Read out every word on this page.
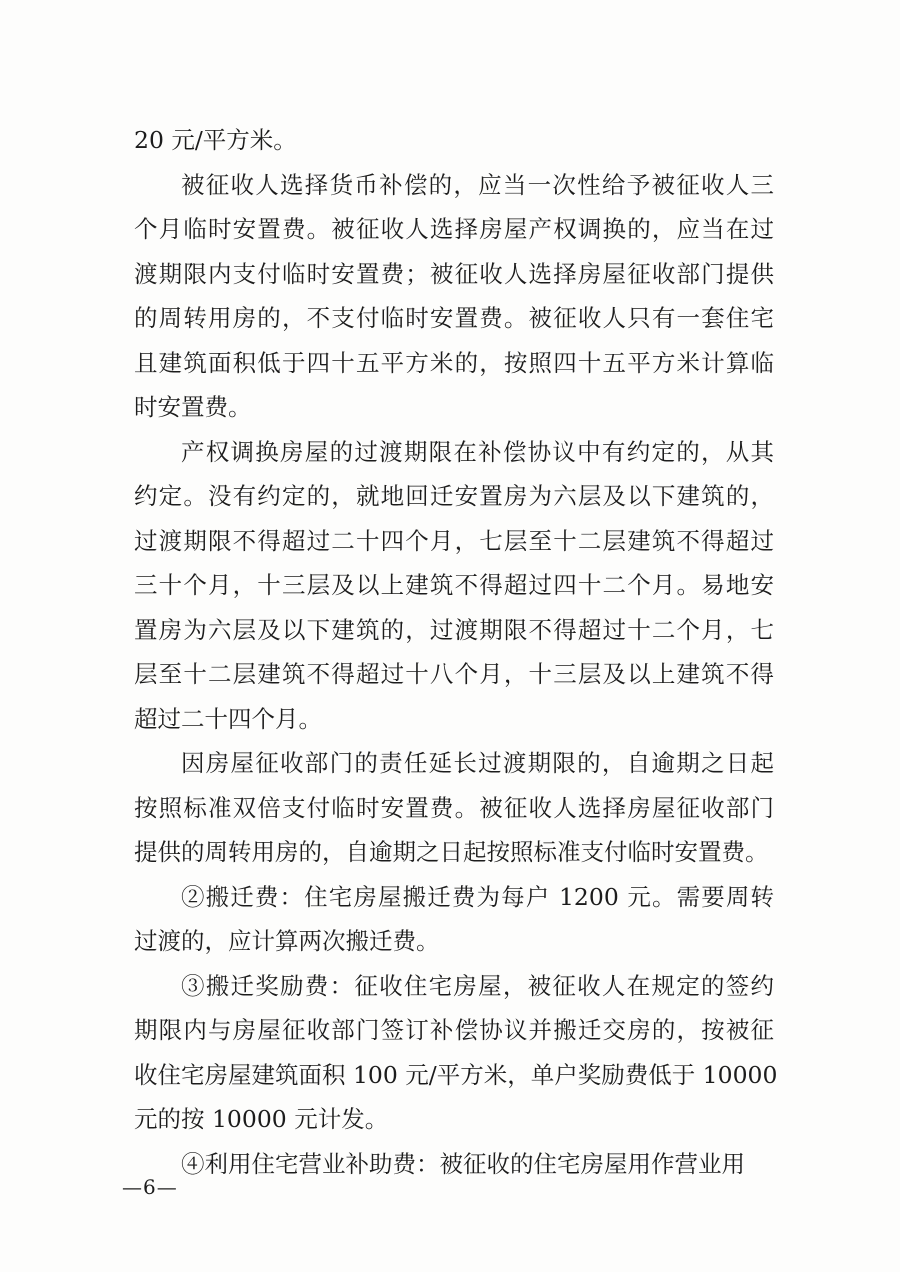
20 元/平方米。
被征收人选择货币补偿的，应当一次性给予被征收人三
个月临时安置费。被征收人选择房屋产权调换的，应当在过
渡期限内支付临时安置费；被征收人选择房屋征收部门提供
的周转用房的，不支付临时安置费。被征收人只有一套住宅
且建筑面积低于四十五平方米的，按照四十五平方米计算临
时安置费。
产权调换房屋的过渡期限在补偿协议中有约定的，从其
约定。没有约定的，就地回迁安置房为六层及以下建筑的，
过渡期限不得超过二十四个月，七层至十二层建筑不得超过
三十个月，十三层及以上建筑不得超过四十二个月。易地安
置房为六层及以下建筑的，过渡期限不得超过十二个月，七
层至十二层建筑不得超过十八个月，十三层及以上建筑不得
超过二十四个月。
因房屋征收部门的责任延长过渡期限的，自逾期之日起
按照标准双倍支付临时安置费。被征收人选择房屋征收部门
提供的周转用房的，自逾期之日起按照标准支付临时安置费。
②搬迁费：住宅房屋搬迁费为每户 1200 元。需要周转
过渡的，应计算两次搬迁费。
③搬迁奖励费：征收住宅房屋，被征收人在规定的签约
期限内与房屋征收部门签订补偿协议并搬迁交房的，按被征
收住宅房屋建筑面积 100 元/平方米，单户奖励费低于 10000
元的按 10000 元计发。
④利用住宅营业补助费：被征收的住宅房屋用作营业用
—6—
